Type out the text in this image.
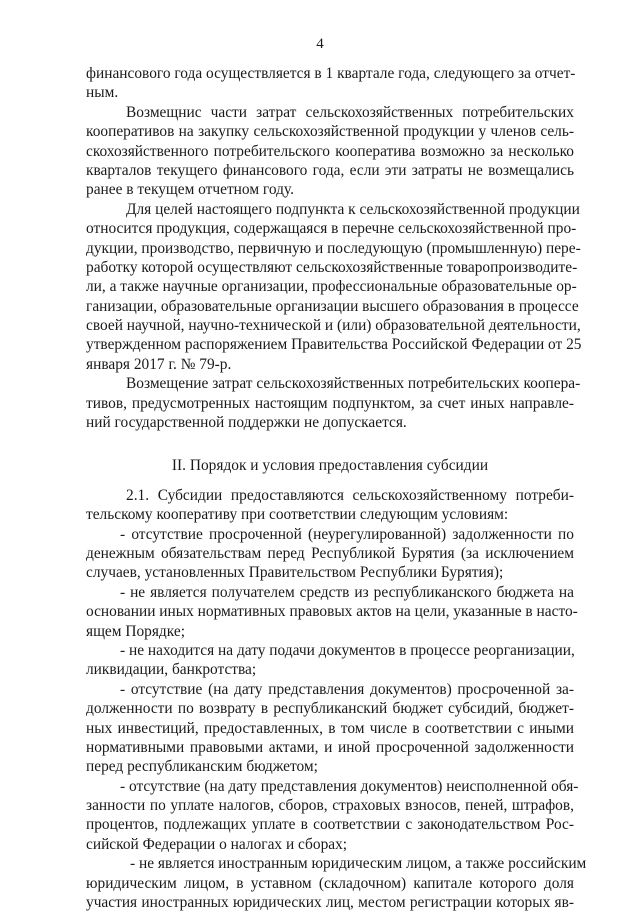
4
финансового года осуществляется в 1 квартале года, следующего за отчет-
ным.
Возмещнис части затрат сельскохозяйственных потребительских
кооперативов на закупку сельскохозяйственной продукции у членов сель-
скохозяйственного потребительского кооператива возможно за несколько
кварталов текущего финансового года, если эти затраты не возмещались
ранее в текущем отчетном году.
Для целей настоящего подпункта к сельскохозяйственной продукции
относится продукция, содержащаяся в перечне сельскохозяйственной про-
дукции, производство, первичную и последующую (промышленную) пере-
работку которой осуществляют сельскохозяйственные товаропроизводите-
ли, а также научные организации, профессиональные образовательные ор-
ганизации, образовательные организации высшего образования в процессе
своей научной, научно-технической и (или) образовательной деятельности,
утвержденном распоряжением Правительства Российской Федерации от 25
января 2017 г. № 79-р.
Возмещение затрат сельскохозяйственных потребительских коопера-
тивов, предусмотренных настоящим подпунктом, за счет иных направле-
ний государственной поддержки не допускается.
II. Порядок и условия предоставления субсидии
2.1. Субсидии предоставляются сельскохозяйственному потреби-
тельскому кооперативу при соответствии следующим условиям:
- отсутствие просроченной (неурегулированной) задолженности по
денежным обязательствам перед Республикой Бурятия (за исключением
случаев, установленных Правительством Республики Бурятия);
- не является получателем средств из республиканского бюджета на
основании иных нормативных правовых актов на цели, указанные в насто-
ящем Порядке;
- не находится на дату подачи документов в процессе реорганизации,
ликвидации, банкротства;
- отсутствие (на дату представления документов) просроченной за-
долженности по возврату в республиканский бюджет субсидий, бюджет-
ных инвестиций, предоставленных, в том числе в соответствии с иными
нормативными правовыми актами, и иной просроченной задолженности
перед республиканским бюджетом;
- отсутствие (на дату представления документов) неисполненной обя-
занности по уплате налогов, сборов, страховых взносов, пеней, штрафов,
процентов, подлежащих уплате в соответствии с законодательством Рос-
сийской Федерации о налогах и сборах;
- не является иностранным юридическим лицом, а также российским
юридическим лицом, в уставном (складочном) капитале которого доля
участия иностранных юридических лиц, местом регистрации которых яв-
